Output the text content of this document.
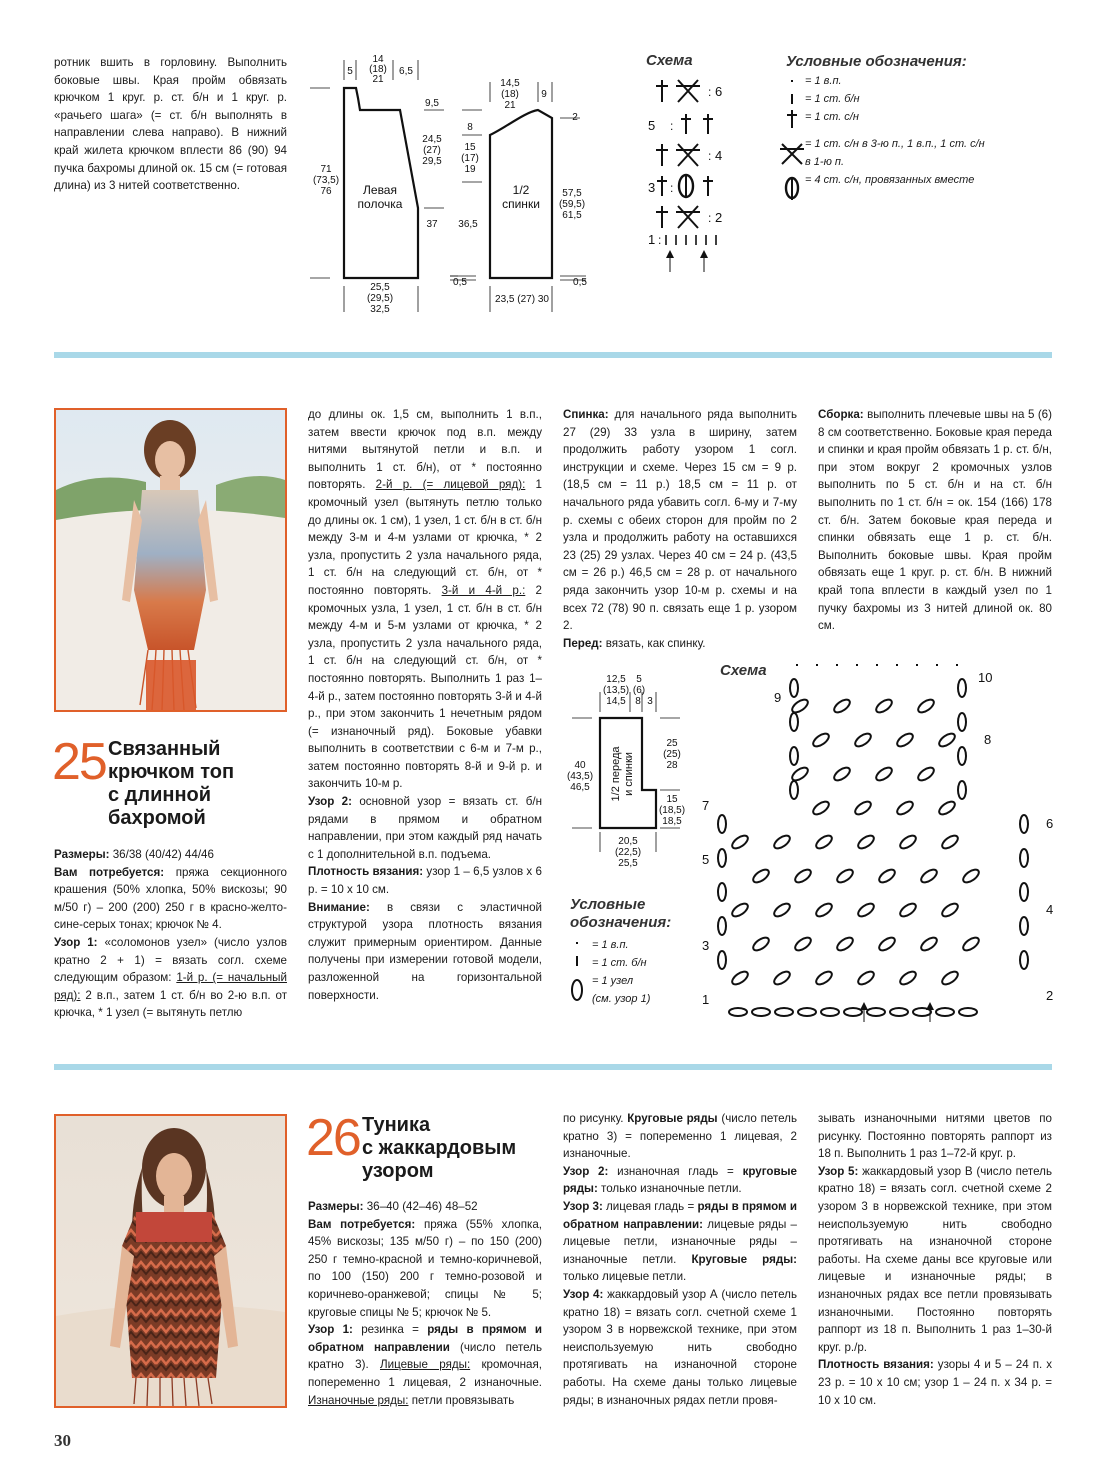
ротник вшить в горловину. Выполнить боковые швы. Края пройм обвязать крючком 1 круг. р. ст. б/н и 1 круг. р. «рачьего шага» (= ст. б/н выполнять в направлении слева направо). В нижний край жилета крючком вплести 86 (90) 94 пучка бахромы длиной ок. 15 см (= готовая длина) из 3 нитей соответственно.

5
14
(18)
21
6,5
9,5
24,5
(27)
29,5
71
(73,5)
76
37 36,5
25,5
(29,5)
32,5
0,5
14,5
(18)
21
9
2
8
15
(17)
19
57,5
(59,5)
61,5
0,5
23,5 (27) 30
Левая
полочка
1/2
спинки
Схема
6
5
4
3
2
1
:
:
:
:
:
:
Условные обозначения:
= 1 в.п.
= 1 ст. б/н
= 1 ст. с/н
= 1 ст. с/н в 3-ю п., 1 в.п., 1 ст. с/н
в 1-ю п.
= 4 ст. с/н, провязанных вместе
25 Связанный
крючком топ
с длинной
бахромой

Размеры: 36/38 (40/42) 44/46

Вам потребуется: пряжа секционного крашения (50% хлопка, 50% вискозы; 90 м/50 г) – 200 (200) 250 г в красно-желто-сине-серых тонах; крючок № 4.

Узор 1: «соломонов узел» (число узлов кратно 2 + 1) = вязать согл. схеме следующим образом: 1-й р. (= начальный ряд): 2 в.п., затем 1 ст. б/н во 2-ю в.п. от крючка, * 1 узел (= вытянуть петлю

до длины ок. 1,5 см, выполнить 1 в.п., затем ввести крючок под в.п. между нитями вытянутой петли и в.п. и выполнить 1 ст. б/н), от * постоянно повторять. 2-й р. (= лицевой ряд): 1 кромочный узел (вытянуть петлю только до длины ок. 1 см), 1 узел, 1 ст. б/н в ст. б/н между 3-м и 4-м узлами от крючка, * 2 узла, пропустить 2 узла начального ряда, 1 ст. б/н на следующий ст. б/н, от * постоянно повторять. 3-й и 4-й р.: 2 кромочных узла, 1 узел, 1 ст. б/н в ст. б/н между 4-м и 5-м узлами от крючка, * 2 узла, пропустить 2 узла начального ряда, 1 ст. б/н на следующий ст. б/н, от * постоянно повторять. Выполнить 1 раз 1–4-й р., затем постоянно повторять 3-й и 4-й р., при этом закончить 1 нечетным рядом (= изнаночный ряд). Боковые убавки выполнить в соответствии с 6-м и 7-м р., затем постоянно повторять 8-й и 9-й р. и закончить 10-м р.

Узор 2: основной узор = вязать ст. б/н рядами в прямом и обратном направлении, при этом каждый ряд начать с 1 дополнительной в.п. подъема.

Плотность вязания: узор 1 – 6,5 узлов х 6 р. = 10 х 10 см.

Внимание: в связи с эластичной структурой узора плотность вязания служит примерным ориентиром. Данные получены при измерении готовой модели, разложенной на горизонтальной поверхности.

Спинка: для начального ряда выполнить 27 (29) 33 узла в ширину, затем продолжить работу узором 1 согл. инструкции и схеме. Через 15 см = 9 р. (18,5 см = 11 р.) 18,5 см = 11 р. от начального ряда убавить согл. 6-му и 7-му р. схемы с обеих сторон для пройм по 2 узла и продолжить работу на оставшихся 23 (25) 29 узлах. Через 40 см = 24 р. (43,5 см = 26 р.) 46,5 см = 28 р. от начального ряда закончить узор 10-м р. схемы и на всех 72 (78) 90 п. связать еще 1 р. узором 2.

Перед: вязать, как спинку.

Сборка: выполнить плечевые швы на 5 (6) 8 см соответственно. Боковые края переда и спинки и края пройм обвязать 1 р. ст. б/н, при этом вокруг 2 кромочных узлов выполнить по 5 ст. б/н и на ст. б/н выполнить по 1 ст. б/н = ок. 154 (166) 178 ст. б/н. Затем боковые края переда и спинки обвязать еще 1 р. ст. б/н. Выполнить боковые швы. Края пройм обвязать еще 1 круг. р. ст. б/н. В нижний край топа вплести в каждый узел по 1 пучку бахромы из 3 нитей длиной ок. 80 см.

12,5
(13,5)
14,5
5
(6)
8 3
40
(43,5)
46,5
25
(25)
28
15
(18,5)
18,5
20,5
(22,5)
25,5
1/2 переда и спинки
Условные
обозначения:
= 1 в.п.
= 1 ст. б/н
= 1 узел
(см. узор 1)
Схема
1	2
3
4
5
6
7
8
9
10
26 Туника
с жаккардовым
узором

Размеры: 36–40 (42–46) 48–52

Вам потребуется: пряжа (55% хлопка, 45% вискозы; 135 м/50 г) – по 150 (200) 250 г темно-красной и темно-коричневой, по 100 (150) 200 г темно-розовой и коричнево-оранжевой; спицы № 5; круговые спицы № 5; крючок № 5.

Узор 1: резинка = ряды в прямом и обратном направлении (число петель кратно 3). Лицевые ряды: кромочная, попеременно 1 лицевая, 2 изнаночные. Изнаночные ряды: петли провязывать

по рисунку. Круговые ряды (число петель кратно 3) = попеременно 1 лицевая, 2 изнаночные.

Узор 2: изнаночная гладь = круговые ряды: только изнаночные петли.

Узор 3: лицевая гладь = ряды в прямом и обратном направлении: лицевые ряды – лицевые петли, изнаночные ряды – изнаночные петли. Круговые ряды: только лицевые петли.

Узор 4: жаккардовый узор А (число петель кратно 18) = вязать согл. счетной схеме 1 узором 3 в норвежской технике, при этом неиспользуемую нить свободно протягивать на изнаночной стороне работы. На схеме даны только лицевые ряды; в изнаночных рядах петли провя-

зывать изнаночными нитями цветов по рисунку. Постоянно повторять раппорт из 18 п. Выполнить 1 раз 1–72-й круг. р.

Узор 5: жаккардовый узор В (число петель кратно 18) = вязать согл. счетной схеме 2 узором 3 в норвежской технике, при этом неиспользуемую нить свободно протягивать на изнаночной стороне работы. На схеме даны все круговые или лицевые и изнаночные ряды; в изнаночных рядах все петли провязывать изнаночными. Постоянно повторять раппорт из 18 п. Выполнить 1 раз 1–30-й круг. р./р.

Плотность вязания: узоры 4 и 5 – 24 п. х 23 р. = 10 х 10 см; узор 1 – 24 п. х 34 р. = 10 х 10 см.

30
